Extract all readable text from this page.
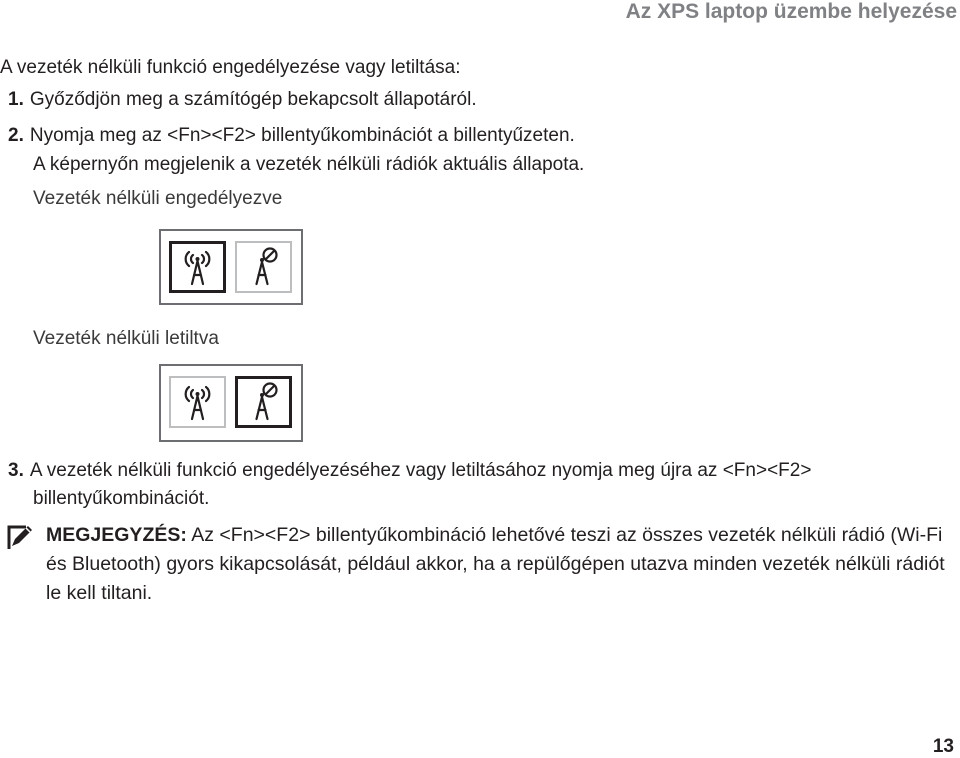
Az XPS laptop üzembe helyezése
A vezeték nélküli funkció engedélyezése vagy letiltása:
1. Győződjön meg a számítógép bekapcsolt állapotáról.
2. Nyomja meg az <Fn><F2> billentyűkombinációt a billentyűzeten.
A képernyőn megjelenik a vezeték nélküli rádiók aktuális állapota.
Vezeték nélküli engedélyezve
Vezeték nélküli letiltva
3. A vezeték nélküli funkció engedélyezéséhez vagy letiltásához nyomja meg újra az <Fn><F2>
billentyűkombinációt.
MEGJEGYZÉS: Az <Fn><F2> billentyűkombináció lehetővé teszi az összes vezeték nélküli rádió (Wi-Fi és Bluetooth) gyors kikapcsolását, például akkor, ha a repülőgépen utazva minden vezeték nélküli rádiót le kell tiltani.
13
